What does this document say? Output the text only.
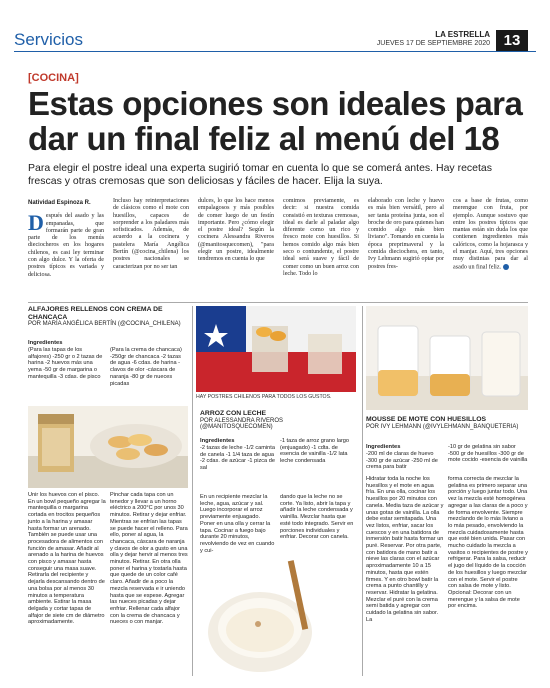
Servicios	LA ESTRELLA
JUEVES 17 DE SEPTIEMBRE 2020 13
[COCINA]
Estas opciones son ideales para dar un final feliz al menú del 18
Para elegir el postre ideal una experta sugirió tomar en cuenta lo que se comerá antes. Hay recetas frescas y otras cremosas que son deliciosas y fáciles de hacer. Elija la suya.
Natividad Espinoza R.
D espués del asado y las empanadas, que formarán parte de gran parte de los menús dieciocheros en los hogares chilenos, es casi ley terminar con algo dulce. Y la oferta de postres típicos es variada y deliciosa.
Incluso hay reinterpretaciones de clásicos como el mote con huesillos, capaces de sorprender a los paladares más sofisticados. Además, de acuerdo a la cocinera y pastelera María Angélica Bertín (@cocina_chilena) los postres nacionales se caracterizan por no ser tan
dulces, lo que los hace menos empalagosos y más posibles de comer luego de un festín importante. Pero ¿cómo elegir el postre ideal? Según la cocinera Alessandra Riveros (@manitosquecomen), "para elegir un postre, idealmente tendremos en cuenta lo que
comimos previamente, es decir: si nuestra comida consistió en texturas cremosas, ideal es darle al paladar algo diferente como un rico y fresco mote con huesillos. Si hemos comido algo más bien seco o contundente, el postre ideal será suave y fácil de comer como un buen arroz con leche. Todo lo
elaborado con leche y huevo es más bien versátil, pero al ser tanta proteína junta, son el broche de oro para quienes han comido algo más bien liviano". Tomando en cuenta la época preprimaveral y la comida dieciochera, en tanto, Ivy Lehmann sugirió optar por postres fres-
cos a base de frutas, como merengue con fruta, por ejemplo. Aunque sostuvo que entre los postres típicos que mantas están sin duda los que contienen ingredientes más calóricos, como la hojarasca y el manjar. Aquí, tres opciones muy distintas para dar al asado un final feliz.
ALFAJORES RELLENOS CON CREMA DE CHANCACA
POR MARÍA ANGÉLICA BERTÍN (@COCINA_CHILENA)
Ingredientes
(Para las tapas de los alfajores) -250 gr o 2 tazas de harina -2 huevos más una yema -50 gr de margarina o mantequilla -3 cdas. de pisco
(Para la crema de chancaca) -250gr de chancaca -2 tazas de agua -6 cdas. de harina -clavos de olor -cáscara de naranja -80 gr de nueces picadas
Unir los huevos con el pisco. En un bowl pequeño agregar la mantequilla o margarina cortada en trocitos pequeños junto a la harina y amasar hasta formar un arenado. También se puede usar una procesadora de alimentos con función de amasar. Añadir al arenado a la harina de huevos con pisco y amasar hasta conseguir una masa suave. Retirarla del recipiente y dejarla descansando dentro de una bolsa por al menos 30 minutos a temperatura ambiente. Estirar la masa delgada y cortar tapas de alfajor de siete cm de diámetro aproximadamente.
Pinchar cada tapa con un tenedor y llevar a un horno eléctrico a 200°C por unos 30 minutos. Retirar y dejar enfriar. Mientras se enfrían las tapas se puede hacer el relleno. Para ello, poner al agua, la chancaca, cáscara de naranja y clavos de olor a gusto en una olla y dejar hervir al menos tres minutos. Retirar. En otra olla poner el harina y tostarla hasta que quede de un color café claro. Añadir de a poco la mezcla reservada e ir uniendo hasta que se espese. Agregar las nueces picadas y dejar enfriar. Rellenar cada alfajor con la crema de chancaca y nueces o con manjar.
HAY POSTRES CHILENOS PARA TODOS LOS GUSTOS.
ARROZ CON LECHE
POR ALESSANDRA RIVEROS (@MANITOSQUECOMEN)
Ingredientes
-2 tazas de leche -1/2 caminta de canela -1 1/4 taza de agua -2 cdas. de azúcar -1 pizca de sal
-1 taza de arroz grano largo (enjuagado) -1 cdta. de esencia de vainilla -1/2 lata leche condensada
En un recipiente mezclar la leche, agua, azúcar y sal. Luego incorporar el arroz previamente enjuagado. Poner en una olla y cerrar la tapa. Cocinar a fuego bajo durante 20 minutos, revolviendo de vez en cuando y cui-
dando que la leche no se corte. Ya listo, abrir la tapa y añadir la leche condensada y vainilla. Mezclar hasta que esté todo integrado. Servir en porciones individuales y enfriar. Decorar con canela.
MOUSSE DE MOTE CON HUESILLOS
POR IVY LEHMANN (@IVYLEHMANN_BANQUETERIA)
Ingredientes
-200 ml de claras de huevo -300 gr de azúcar -250 ml de crema para batir
-10 gr de gelatina sin sabor -500 gr de huesillos -300 gr de mote cocido -esencia de vainilla
Hidratar toda la noche los huesillos y el mote en agua fría. En una olla, cocinar los huesillos por 20 minutos con canela. Media taza de azúcar y unas gotas de vainilla. La olla debe estar semitapada. Una vez listos, enfriar, sacar los cuescos y en una batidora de inmersión batir hasta formar un puré. Reservar. Por otra parte, con batidora de mano batir a nieve las claras con el azúcar aproximadamente 10 a 15 minutos, hasta que estén firmes. Y en otro bowl batir la crema a punto chantilly y reservar. Hidratar la gelatina. Mezclar el puré con la crema semi batida y agregar con cuidado la gelatina sin sabor. La
forma correcta de mezclar la gelatina es primero separar una porción y luego juntar todo. Una vez la mezcla esté homogénea agregar a las claras de a poco y de forma envolvente. Siempre mezclando de lo más liviano a lo más pesado, envolviendo la mezcla cuidadosamente hasta que esté bien unida. Pasar con mucho cuidado la mezcla a vasitos o recipientes de postre y refrigerar. Para la salsa, reducir el jugo del líquido de la cocción de los huesillos y luego mezclar con el mote. Servir el postre con salsa de mote y listo. Opcional: Decorar con un merengue y la salsa de mote por encima.
